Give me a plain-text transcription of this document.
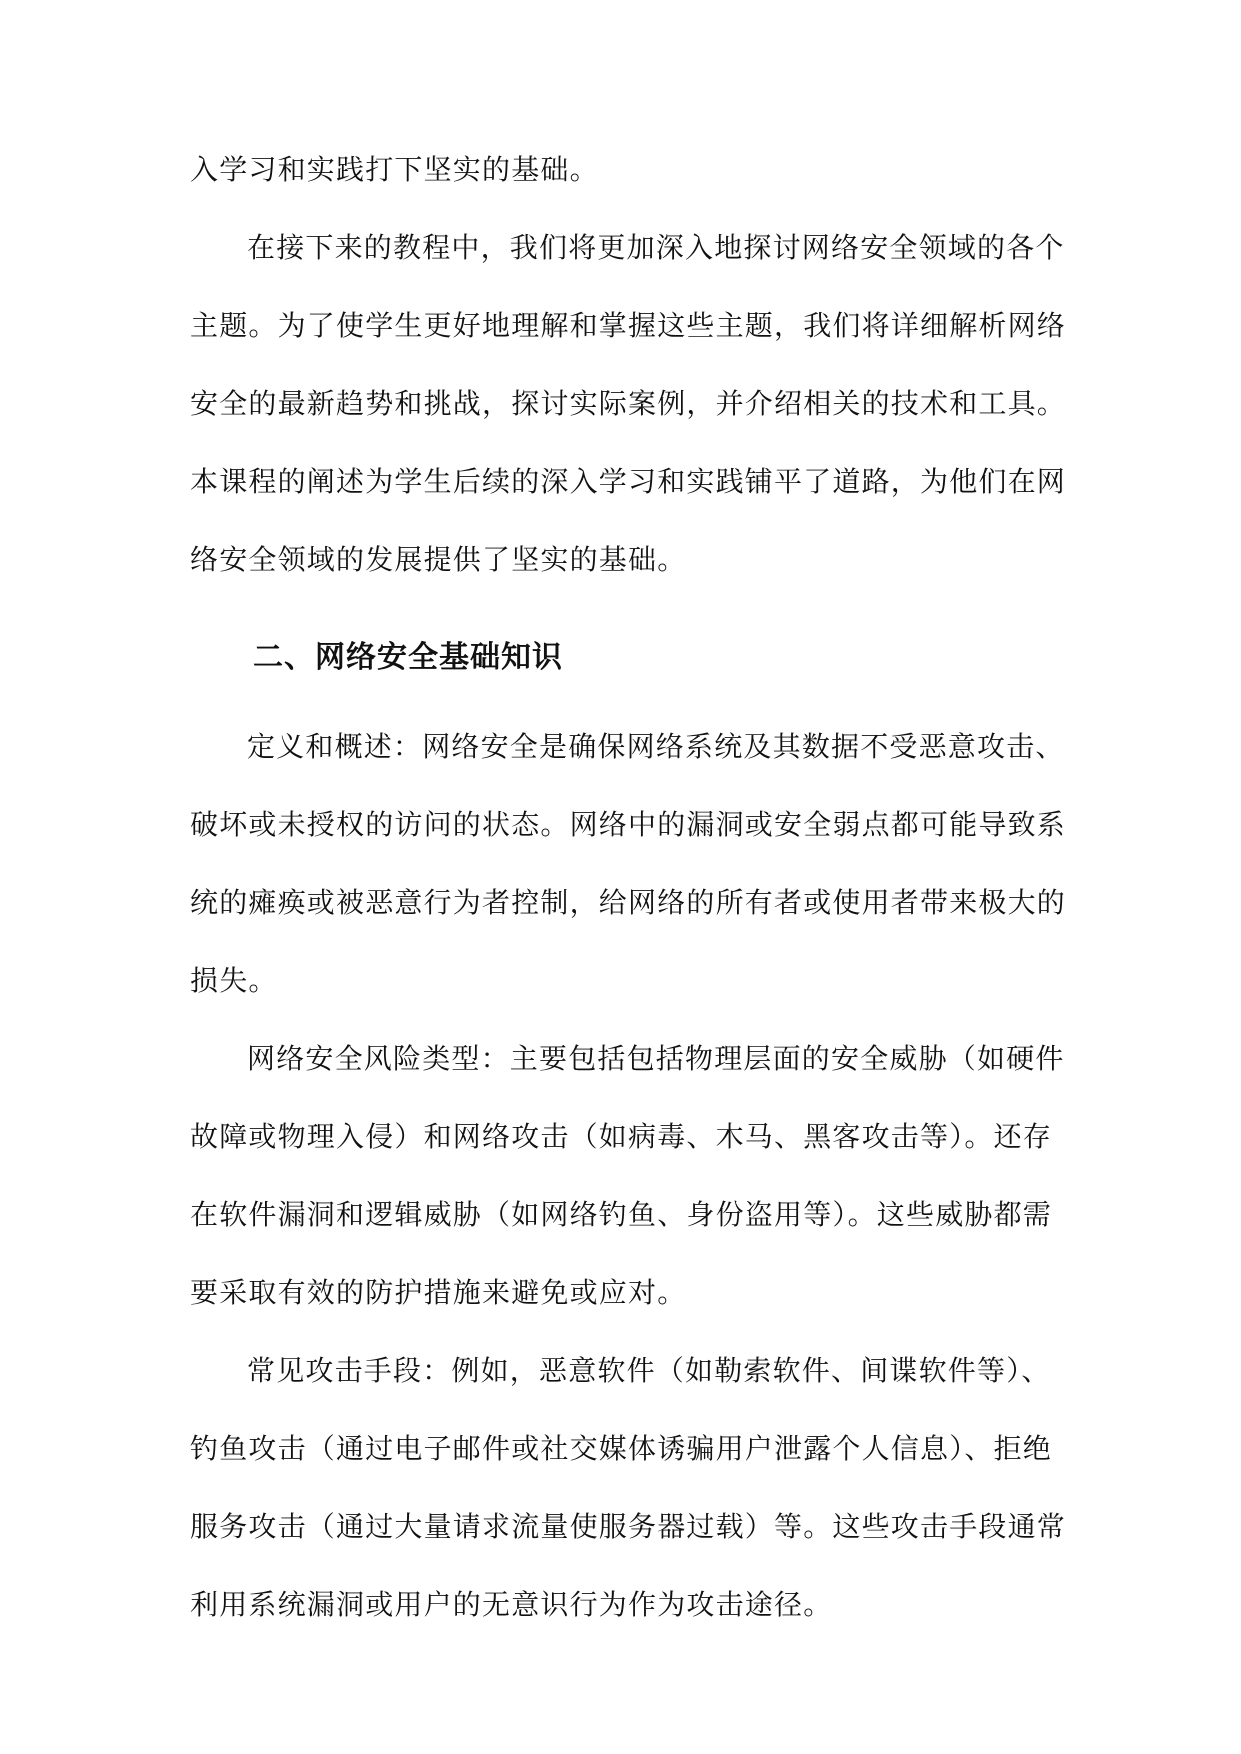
入学习和实践打下坚实的基础。
在接下来的教程中，我们将更加深入地探讨网络安全领域的各个
主题。为了使学生更好地理解和掌握这些主题，我们将详细解析网络
安全的最新趋势和挑战，探讨实际案例，并介绍相关的技术和工具。
本课程的阐述为学生后续的深入学习和实践铺平了道路，为他们在网
络安全领域的发展提供了坚实的基础。
二、网络安全基础知识
定义和概述：网络安全是确保网络系统及其数据不受恶意攻击、
破坏或未授权的访问的状态。网络中的漏洞或安全弱点都可能导致系
统的瘫痪或被恶意行为者控制，给网络的所有者或使用者带来极大的
损失。
网络安全风险类型：主要包括包括物理层面的安全威胁（如硬件
故障或物理入侵）和网络攻击（如病毒、木马、黑客攻击等）。还存
在软件漏洞和逻辑威胁（如网络钓鱼、身份盗用等）。这些威胁都需
要采取有效的防护措施来避免或应对。
常见攻击手段：例如，恶意软件（如勒索软件、间谍软件等）、
钓鱼攻击（通过电子邮件或社交媒体诱骗用户泄露个人信息）、拒绝
服务攻击（通过大量请求流量使服务器过载）等。这些攻击手段通常
利用系统漏洞或用户的无意识行为作为攻击途径。
